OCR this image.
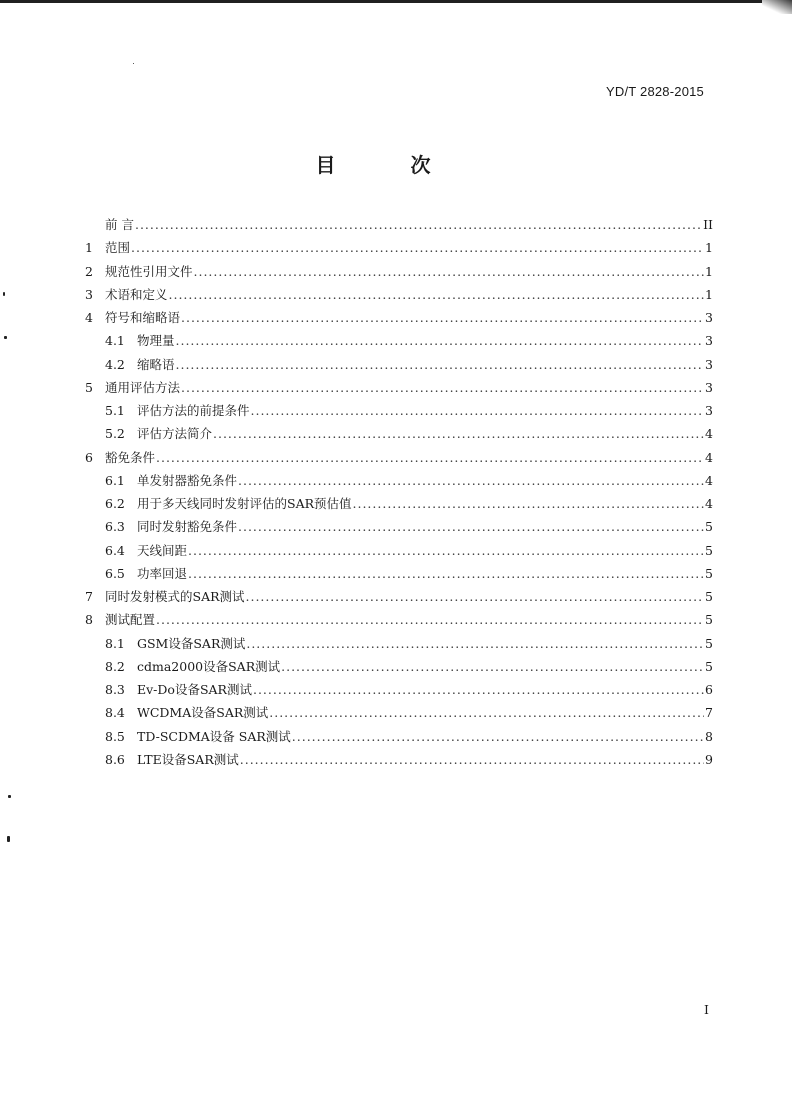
YD/T 2828-2015
目 次
前 言 .....	II
1 范围 .....	1
2 规范性引用文件 .....	1
3 术语和定义 .....	1
4 符号和缩略语 .....	3
4.1 物理量 .....	3
4.2 缩略语 .....	3
5 通用评估方法 .....	3
5.1 评估方法的前提条件 .....	3
5.2 评估方法简介 .....	4
6 豁免条件 .....	4
6.1 单发射器豁免条件 .....	4
6.2 用于多天线同时发射评估的SAR预估值 .....	4
6.3 同时发射豁免条件 .....	5
6.4 天线间距 .....	5
6.5 功率回退 .....	5
7 同时发射模式的SAR测试 .....	5
8 测试配置 .....	5
8.1 GSM设备SAR测试 .....	5
8.2 cdma2000设备SAR测试 .....	5
8.3 Ev-Do设备SAR测试 .....	6
8.4 WCDMA设备SAR测试 .....	7
8.5 TD-SCDMA设备 SAR测试 .....	8
8.6 LTE设备SAR测试 .....	9
I
